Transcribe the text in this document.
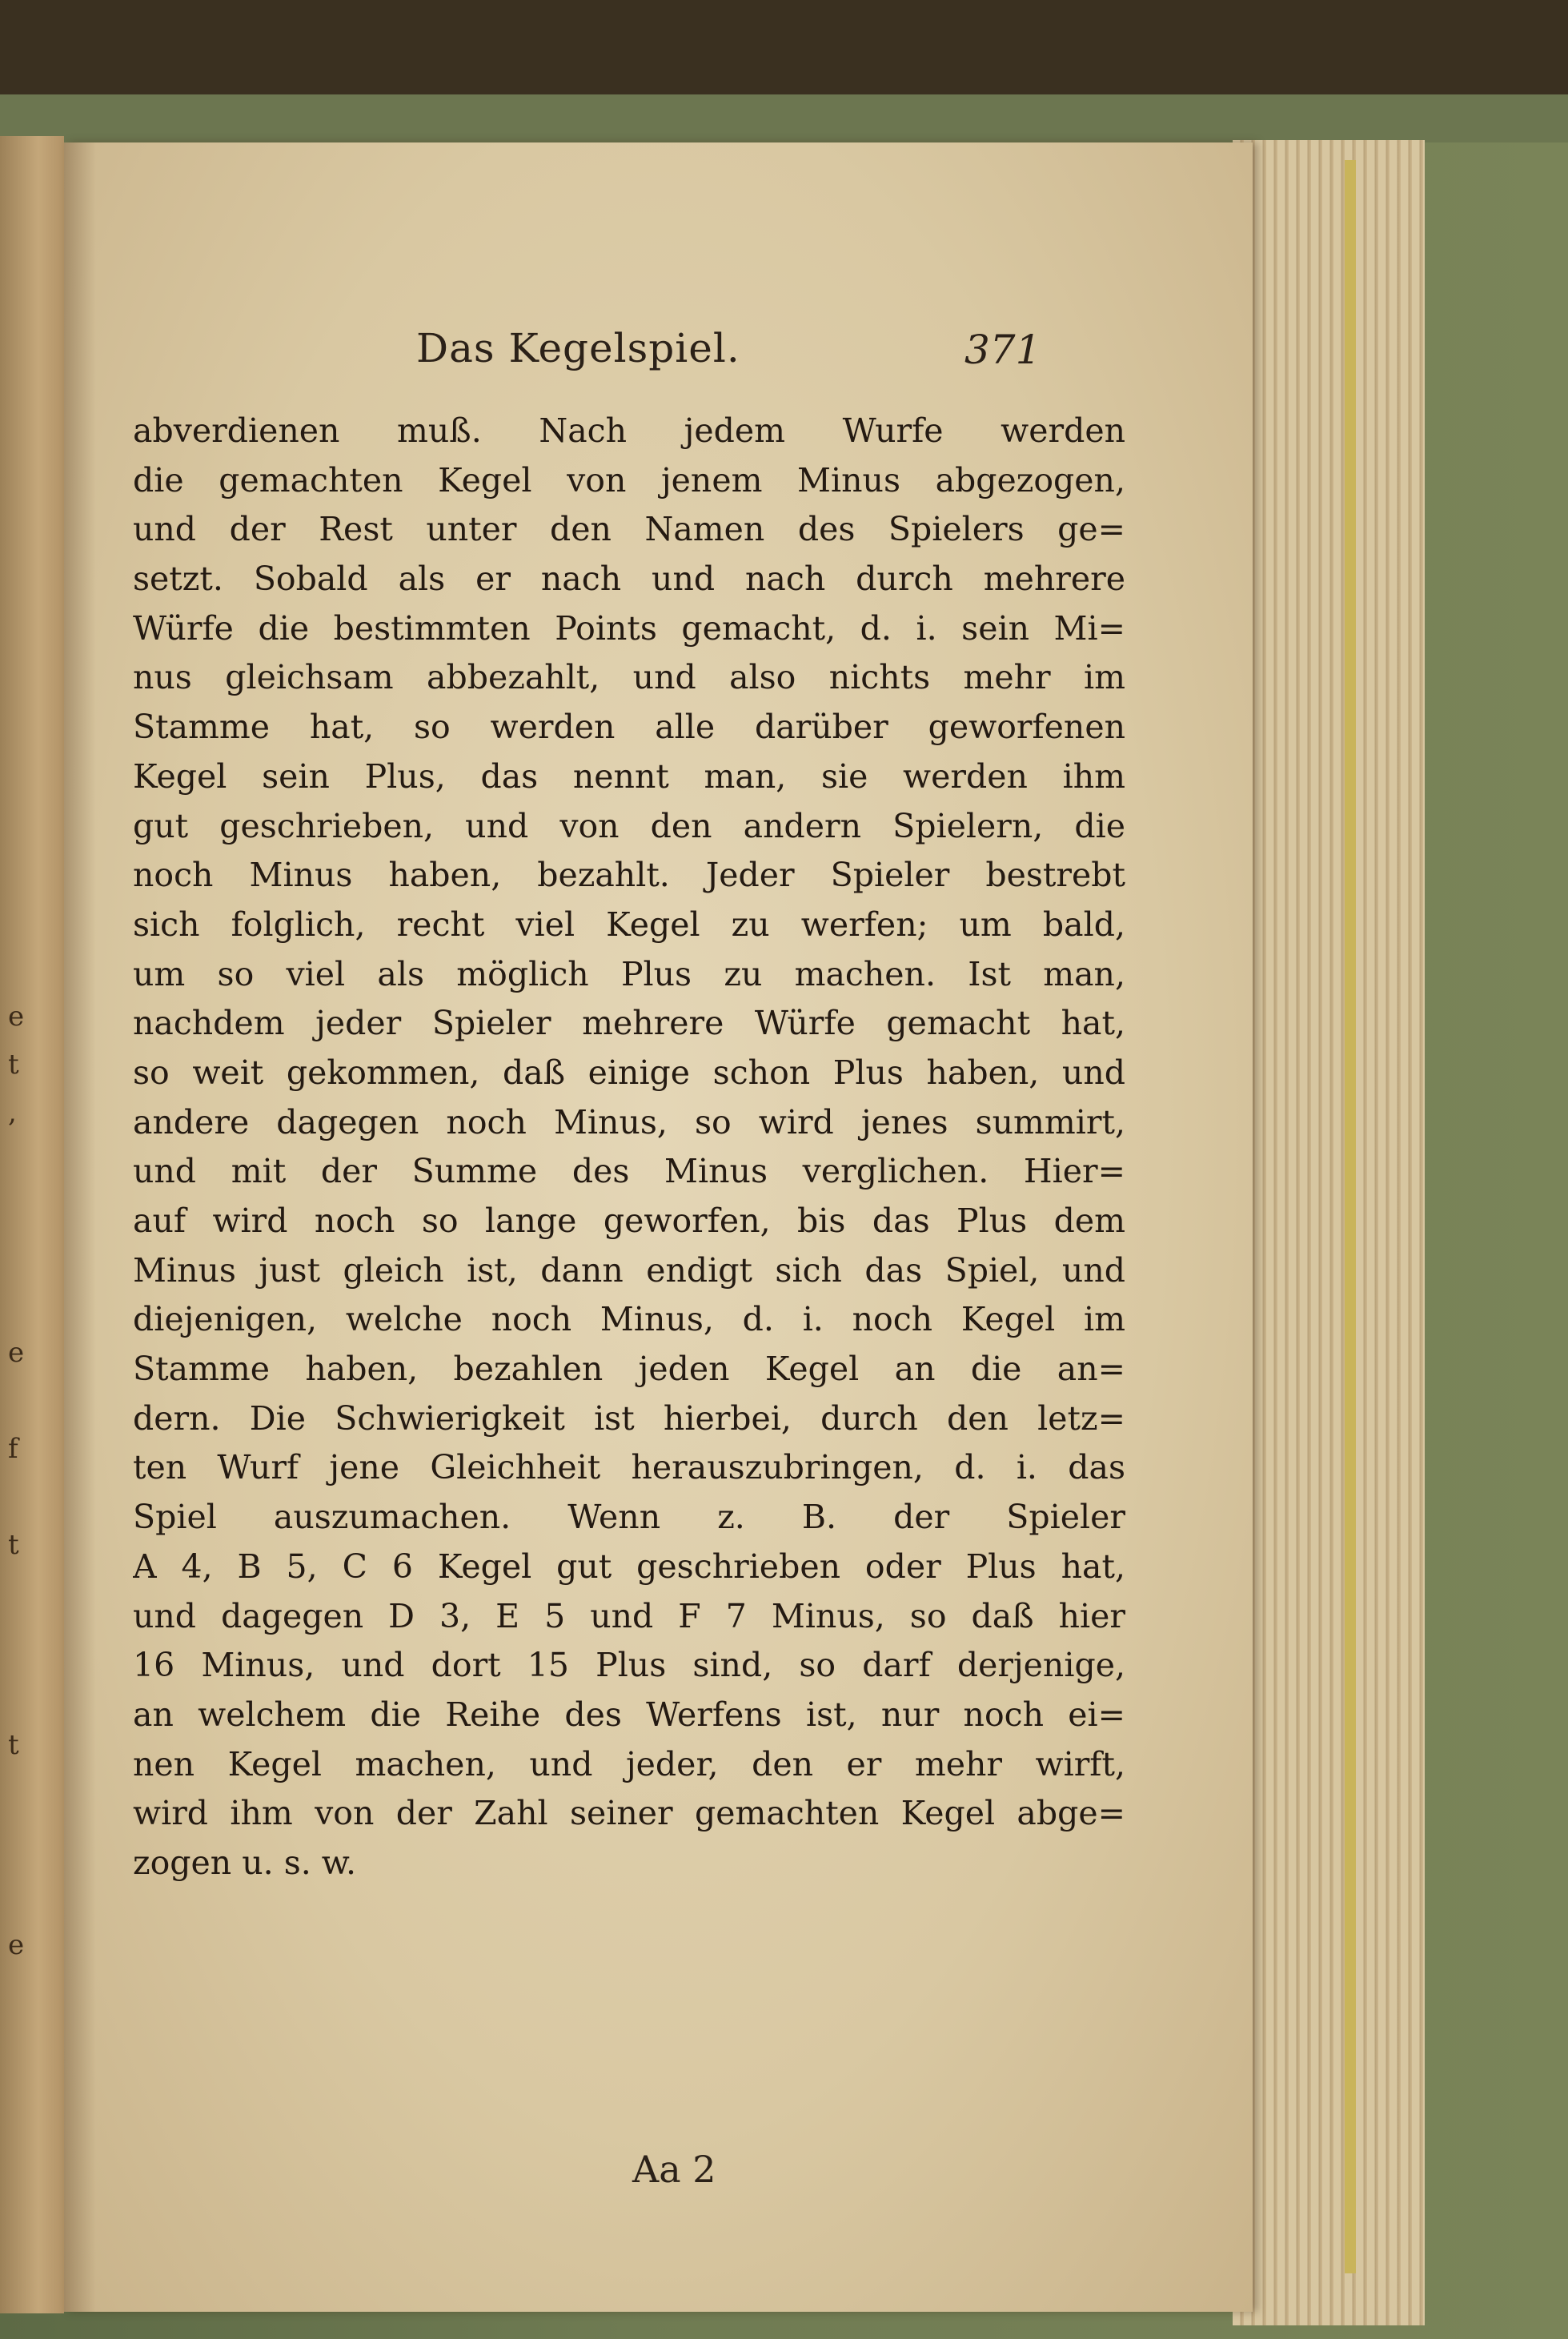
e
t
,
e
f
t
t
e
Das Kegelspiel.	371
abverdienen muß. Nach jedem Wurfe werden
die gemachten Kegel von jenem Minus abgezogen,
und der Rest unter den Namen des Spielers ge=
setzt. Sobald als er nach und nach durch mehrere
Würfe die bestimmten Points gemacht, d. i. sein Mi=
nus gleichsam abbezahlt, und also nichts mehr im
Stamme hat, so werden alle darüber geworfenen
Kegel sein Plus, das nennt man, sie werden ihm
gut geschrieben, und von den andern Spielern, die
noch Minus haben, bezahlt. Jeder Spieler bestrebt
sich folglich, recht viel Kegel zu werfen; um bald,
um so viel als möglich Plus zu machen. Ist man,
nachdem jeder Spieler mehrere Würfe gemacht hat,
so weit gekommen, daß einige schon Plus haben, und
andere dagegen noch Minus, so wird jenes summirt,
und mit der Summe des Minus verglichen. Hier=
auf wird noch so lange geworfen, bis das Plus dem
Minus just gleich ist, dann endigt sich das Spiel, und
diejenigen, welche noch Minus, d. i. noch Kegel im
Stamme haben, bezahlen jeden Kegel an die an=
dern. Die Schwierigkeit ist hierbei, durch den letz=
ten Wurf jene Gleichheit herauszubringen, d. i. das
Spiel auszumachen. Wenn z. B. der Spieler
A 4, B 5, C 6 Kegel gut geschrieben oder Plus hat,
und dagegen D 3, E 5 und F 7 Minus, so daß hier
16 Minus, und dort 15 Plus sind, so darf derjenige,
an welchem die Reihe des Werfens ist, nur noch ei=
nen Kegel machen, und jeder, den er mehr wirft,
wird ihm von der Zahl seiner gemachten Kegel abge=
zogen u. s. w.
Aa 2
